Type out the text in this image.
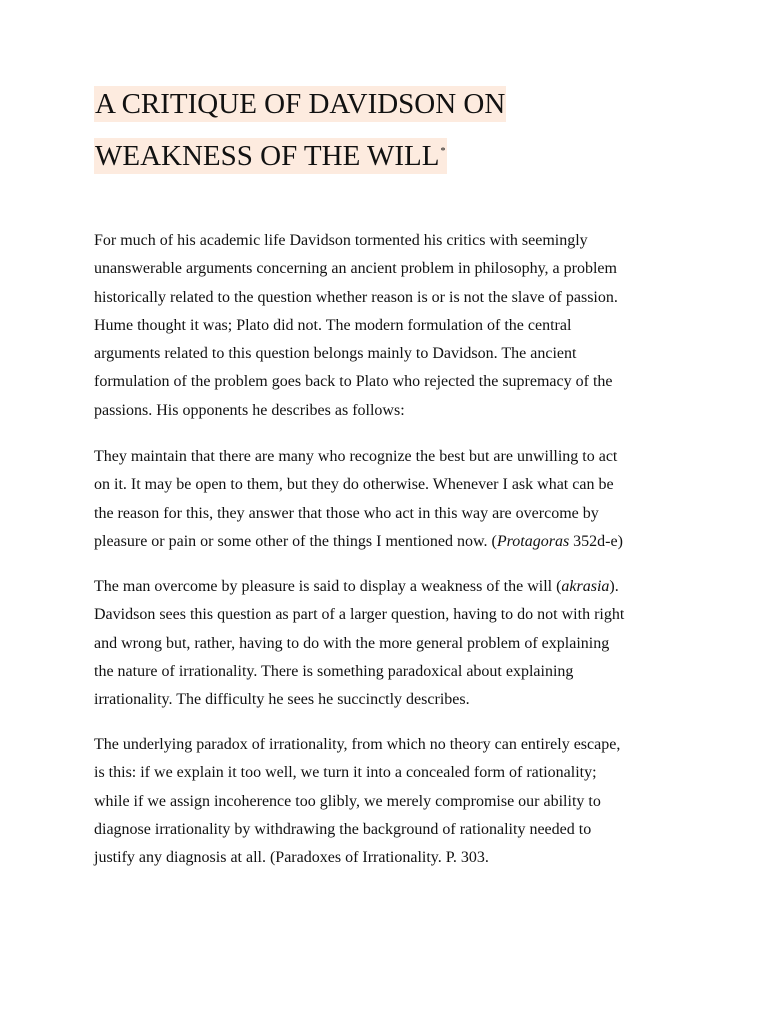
A CRITIQUE OF DAVIDSON ON
WEAKNESS OF THE WILL*

For much of his academic life Davidson tormented his critics with seemingly
unanswerable arguments concerning an ancient problem in philosophy, a problem
historically related to the question whether reason is or is not the slave of passion.
Hume thought it was; Plato did not. The modern formulation of the central
arguments related to this question belongs mainly to Davidson. The ancient
formulation of the problem goes back to Plato who rejected the supremacy of the
passions. His opponents he describes as follows:

They maintain that there are many who recognize the best but are unwilling to act
on it. It may be open to them, but they do otherwise. Whenever I ask what can be
the reason for this, they answer that those who act in this way are overcome by
pleasure or pain or some other of the things I mentioned now. (Protagoras 352d-e)

The man overcome by pleasure is said to display a weakness of the will (akrasia).
Davidson sees this question as part of a larger question, having to do not with right
and wrong but, rather, having to do with the more general problem of explaining
the nature of irrationality. There is something paradoxical about explaining
irrationality. The difficulty he sees he succinctly describes.

The underlying paradox of irrationality, from which no theory can entirely escape,
is this: if we explain it too well, we turn it into a concealed form of rationality;
while if we assign incoherence too glibly, we merely compromise our ability to
diagnose irrationality by withdrawing the background of rationality needed to
justify any diagnosis at all. (Paradoxes of Irrationality. P. 303.
